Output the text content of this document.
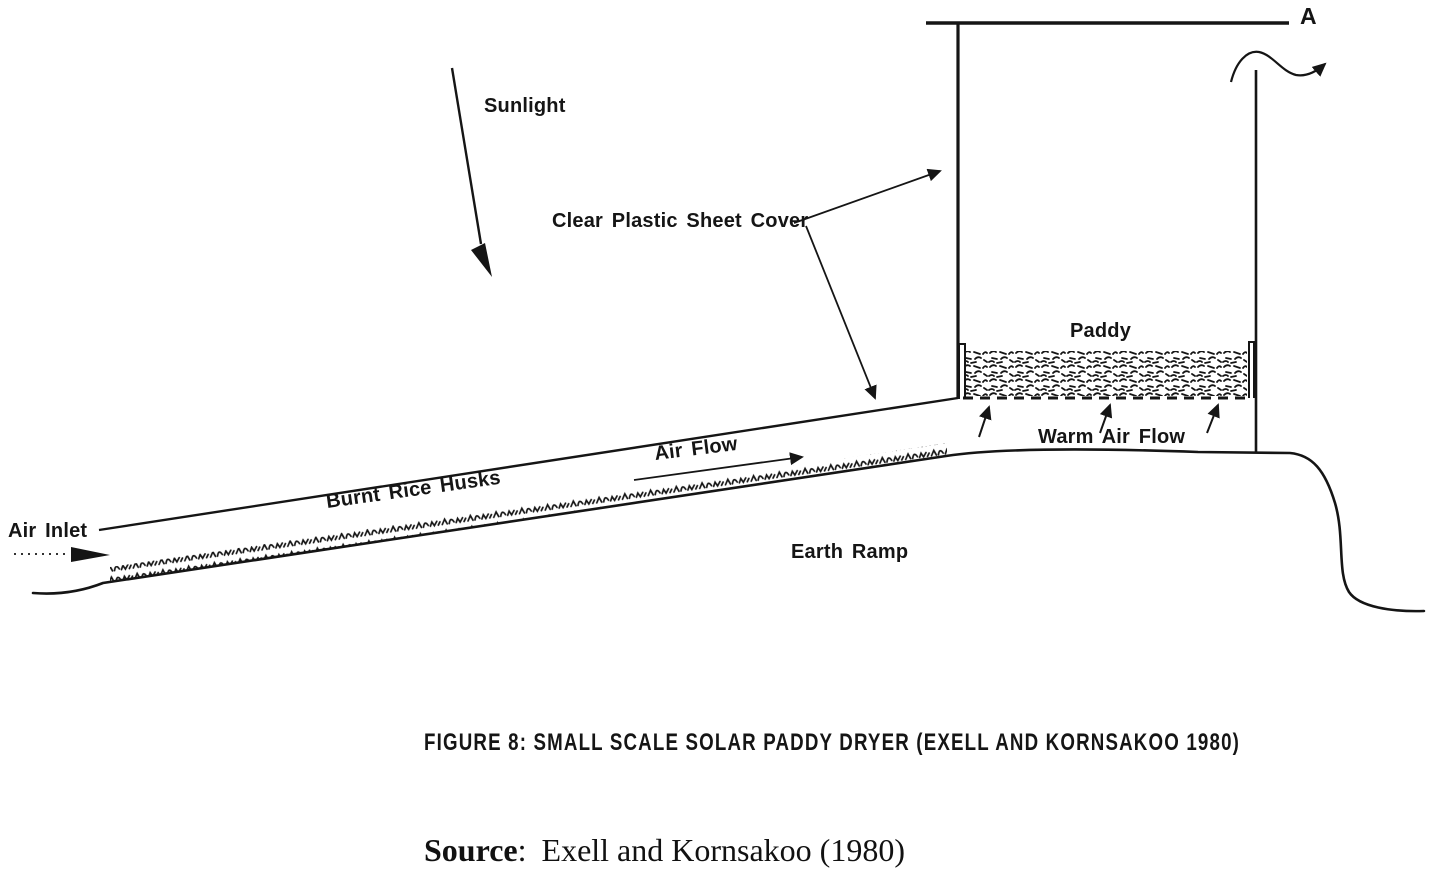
Sunlight
Clear Plastic Sheet Cover
Paddy
Warm Air Flow
Air Flow
Burnt Rice Husks
Air Inlet
Earth Ramp
A
FIGURE 8: SMALL SCALE SOLAR PADDY DRYER (EXELL AND KORNSAKOO 1980)
Source: Exell and Kornsakoo (1980)
